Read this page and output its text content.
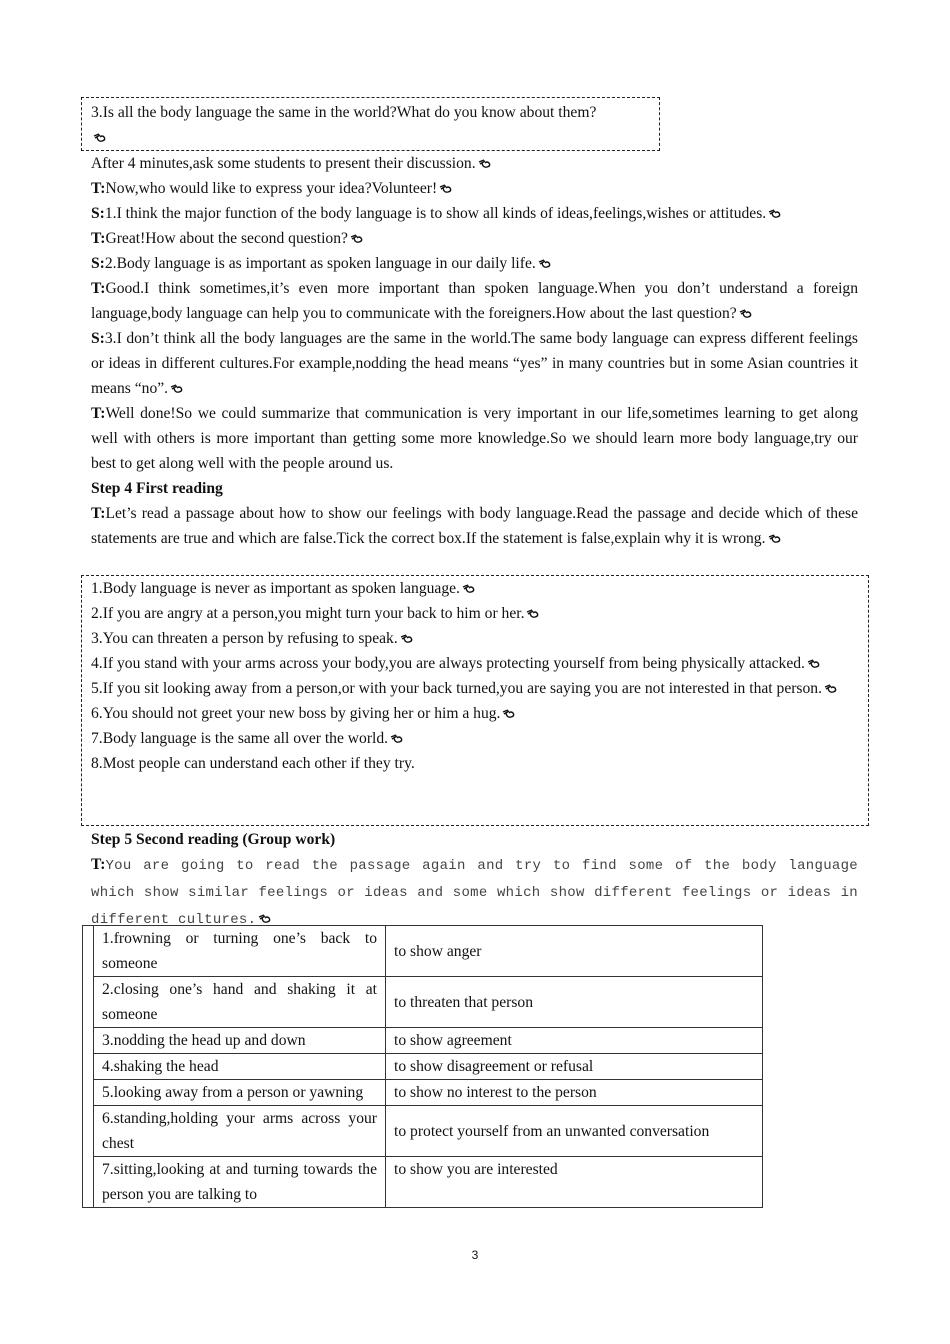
3.Is all the body language the same in the world?What do you know about them?

After 4 minutes,ask some students to present their discussion.
T:Now,who would like to express your idea?Volunteer!
S:1.I think the major function of the body language is to show all kinds of ideas,feelings,wishes or attitudes.
T:Great!How about the second question?
S:2.Body language is as important as spoken language in our daily life.
T:Good.I think sometimes,it’s even more important than spoken language.When you don’t understand a foreign language,body language can help you to communicate with the foreigners.How about the last question?
S:3.I don’t think all the body languages are the same in the world.The same body language can express different feelings or ideas in different cultures.For example,nodding the head means “yes” in many countries but in some Asian countries it means “no”.
T:Well done!So we could summarize that communication is very important in our life,sometimes learning to get along well with others is more important than getting some more knowledge.So we should learn more body language,try our best to get along well with the people around us.
Step 4 First reading
T:Let’s read a passage about how to show our feelings with body language.Read the passage and decide which of these statements are true and which are false.Tick the correct box.If the statement is false,explain why it is wrong.
1.Body language is never as important as spoken language.
2.If you are angry at a person,you might turn your back to him or her.
3.You can threaten a person by refusing to speak.
4.If you stand with your arms across your body,you are always protecting yourself from being physically attacked.
5.If you sit looking away from a person,or with your back turned,you are saying you are not interested in that person.
6.You should not greet your new boss by giving her or him a hug.
7.Body language is the same all over the world.
8.Most people can understand each other if they try.
Step 5 Second reading (Group work)
T:You are going to read the passage again and try to find some of the body language which show similar feelings or ideas and some which show different feelings or ideas in different cultures.
	1.frowning or turning one’s back to someone	to show anger
	2.closing one’s hand and shaking it at someone	to threaten that person
	3.nodding the head up and down	to show agreement
	4.shaking the head	to show disagreement or refusal
	5.looking away from a person or yawning	to show no interest to the person
	6.standing,holding your arms across your chest	to protect yourself from an unwanted conversation
	7.sitting,looking at and turning towards the person you are talking to	to show you are interested
3
